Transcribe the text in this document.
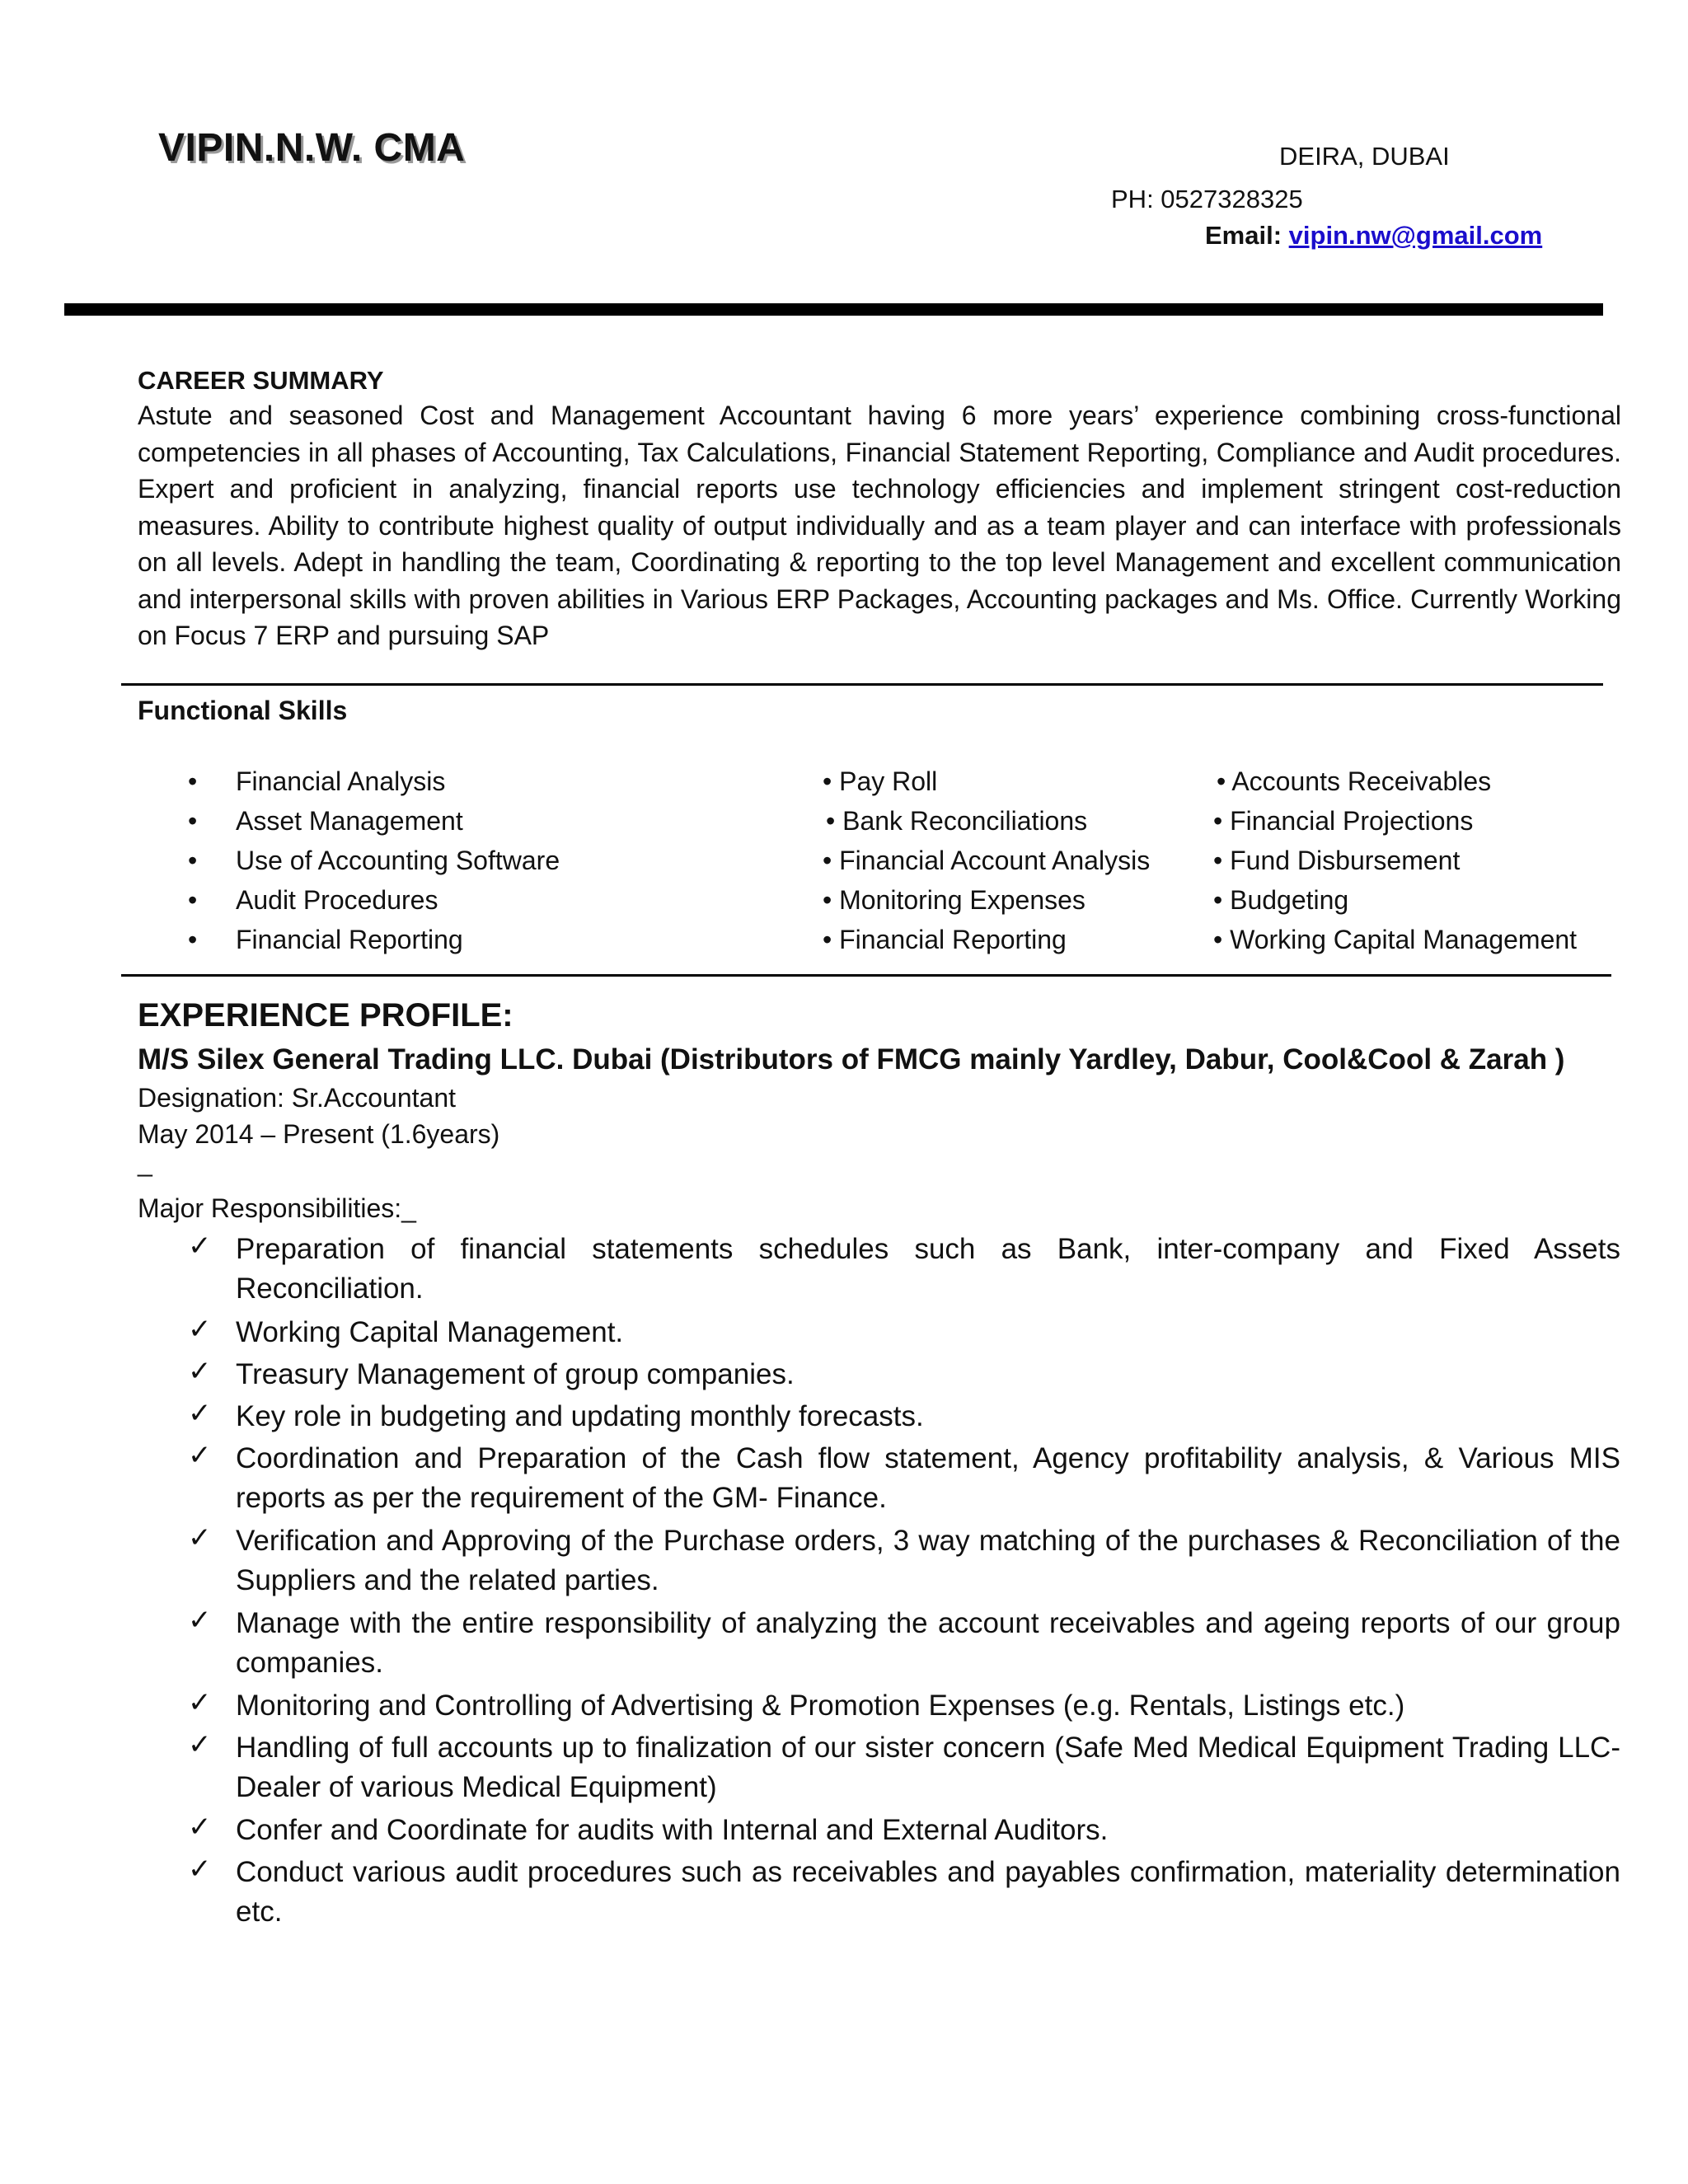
VIPIN.N.W. CMA	DEIRA, DUBAI
PH: 0527328325
Email: vipin.nw@gmail.com
CAREER SUMMARY
Astute and seasoned Cost and Management Accountant having 6 more years’ experience combining cross-functional competencies in all phases of Accounting, Tax Calculations, Financial Statement Reporting, Compliance and Audit procedures. Expert and proficient in analyzing, financial reports use technology efficiencies and implement stringent cost-reduction measures. Ability to contribute highest quality of output individually and as a team player and can interface with professionals on all levels. Adept in handling the team, Coordinating & reporting to the top level Management and excellent communication and interpersonal skills with proven abilities in Various ERP Packages, Accounting packages and Ms. Office. Currently Working on Focus 7 ERP and pursuing SAP
Functional Skills
• Financial Analysis
• Asset Management
• Use of Accounting Software
• Audit Procedures
• Financial Reporting
• Pay Roll
• Bank Reconciliations
• Financial Account Analysis
• Monitoring Expenses
• Financial Reporting
• Accounts Receivables
• Financial Projections
• Fund Disbursement
• Budgeting
• Working Capital Management
EXPERIENCE PROFILE:
M/S Silex General Trading LLC. Dubai (Distributors of FMCG mainly Yardley, Dabur, Cool&Cool & Zarah )
Designation: Sr.Accountant
May 2014 – Present (1.6years)
_
Major Responsibilities:_
✓ Preparation of financial statements schedules such as Bank, inter-company and Fixed Assets Reconciliation.
✓ Working Capital Management.
✓ Treasury Management of group companies.
✓ Key role in budgeting and updating monthly forecasts.
✓ Coordination and Preparation of the Cash flow statement, Agency profitability analysis, & Various MIS reports as per the requirement of the GM- Finance.
✓ Verification and Approving of the Purchase orders, 3 way matching of the purchases & Reconciliation of the Suppliers and the related parties.
✓ Manage with the entire responsibility of analyzing the account receivables and ageing reports of our group companies.
✓ Monitoring and Controlling of Advertising & Promotion Expenses (e.g. Rentals, Listings etc.)
✓ Handling of full accounts up to finalization of our sister concern (Safe Med Medical Equipment Trading LLC- Dealer of various Medical Equipment)
✓ Confer and Coordinate for audits with Internal and External Auditors.
✓ Conduct various audit procedures such as receivables and payables confirmation, materiality determination etc.
